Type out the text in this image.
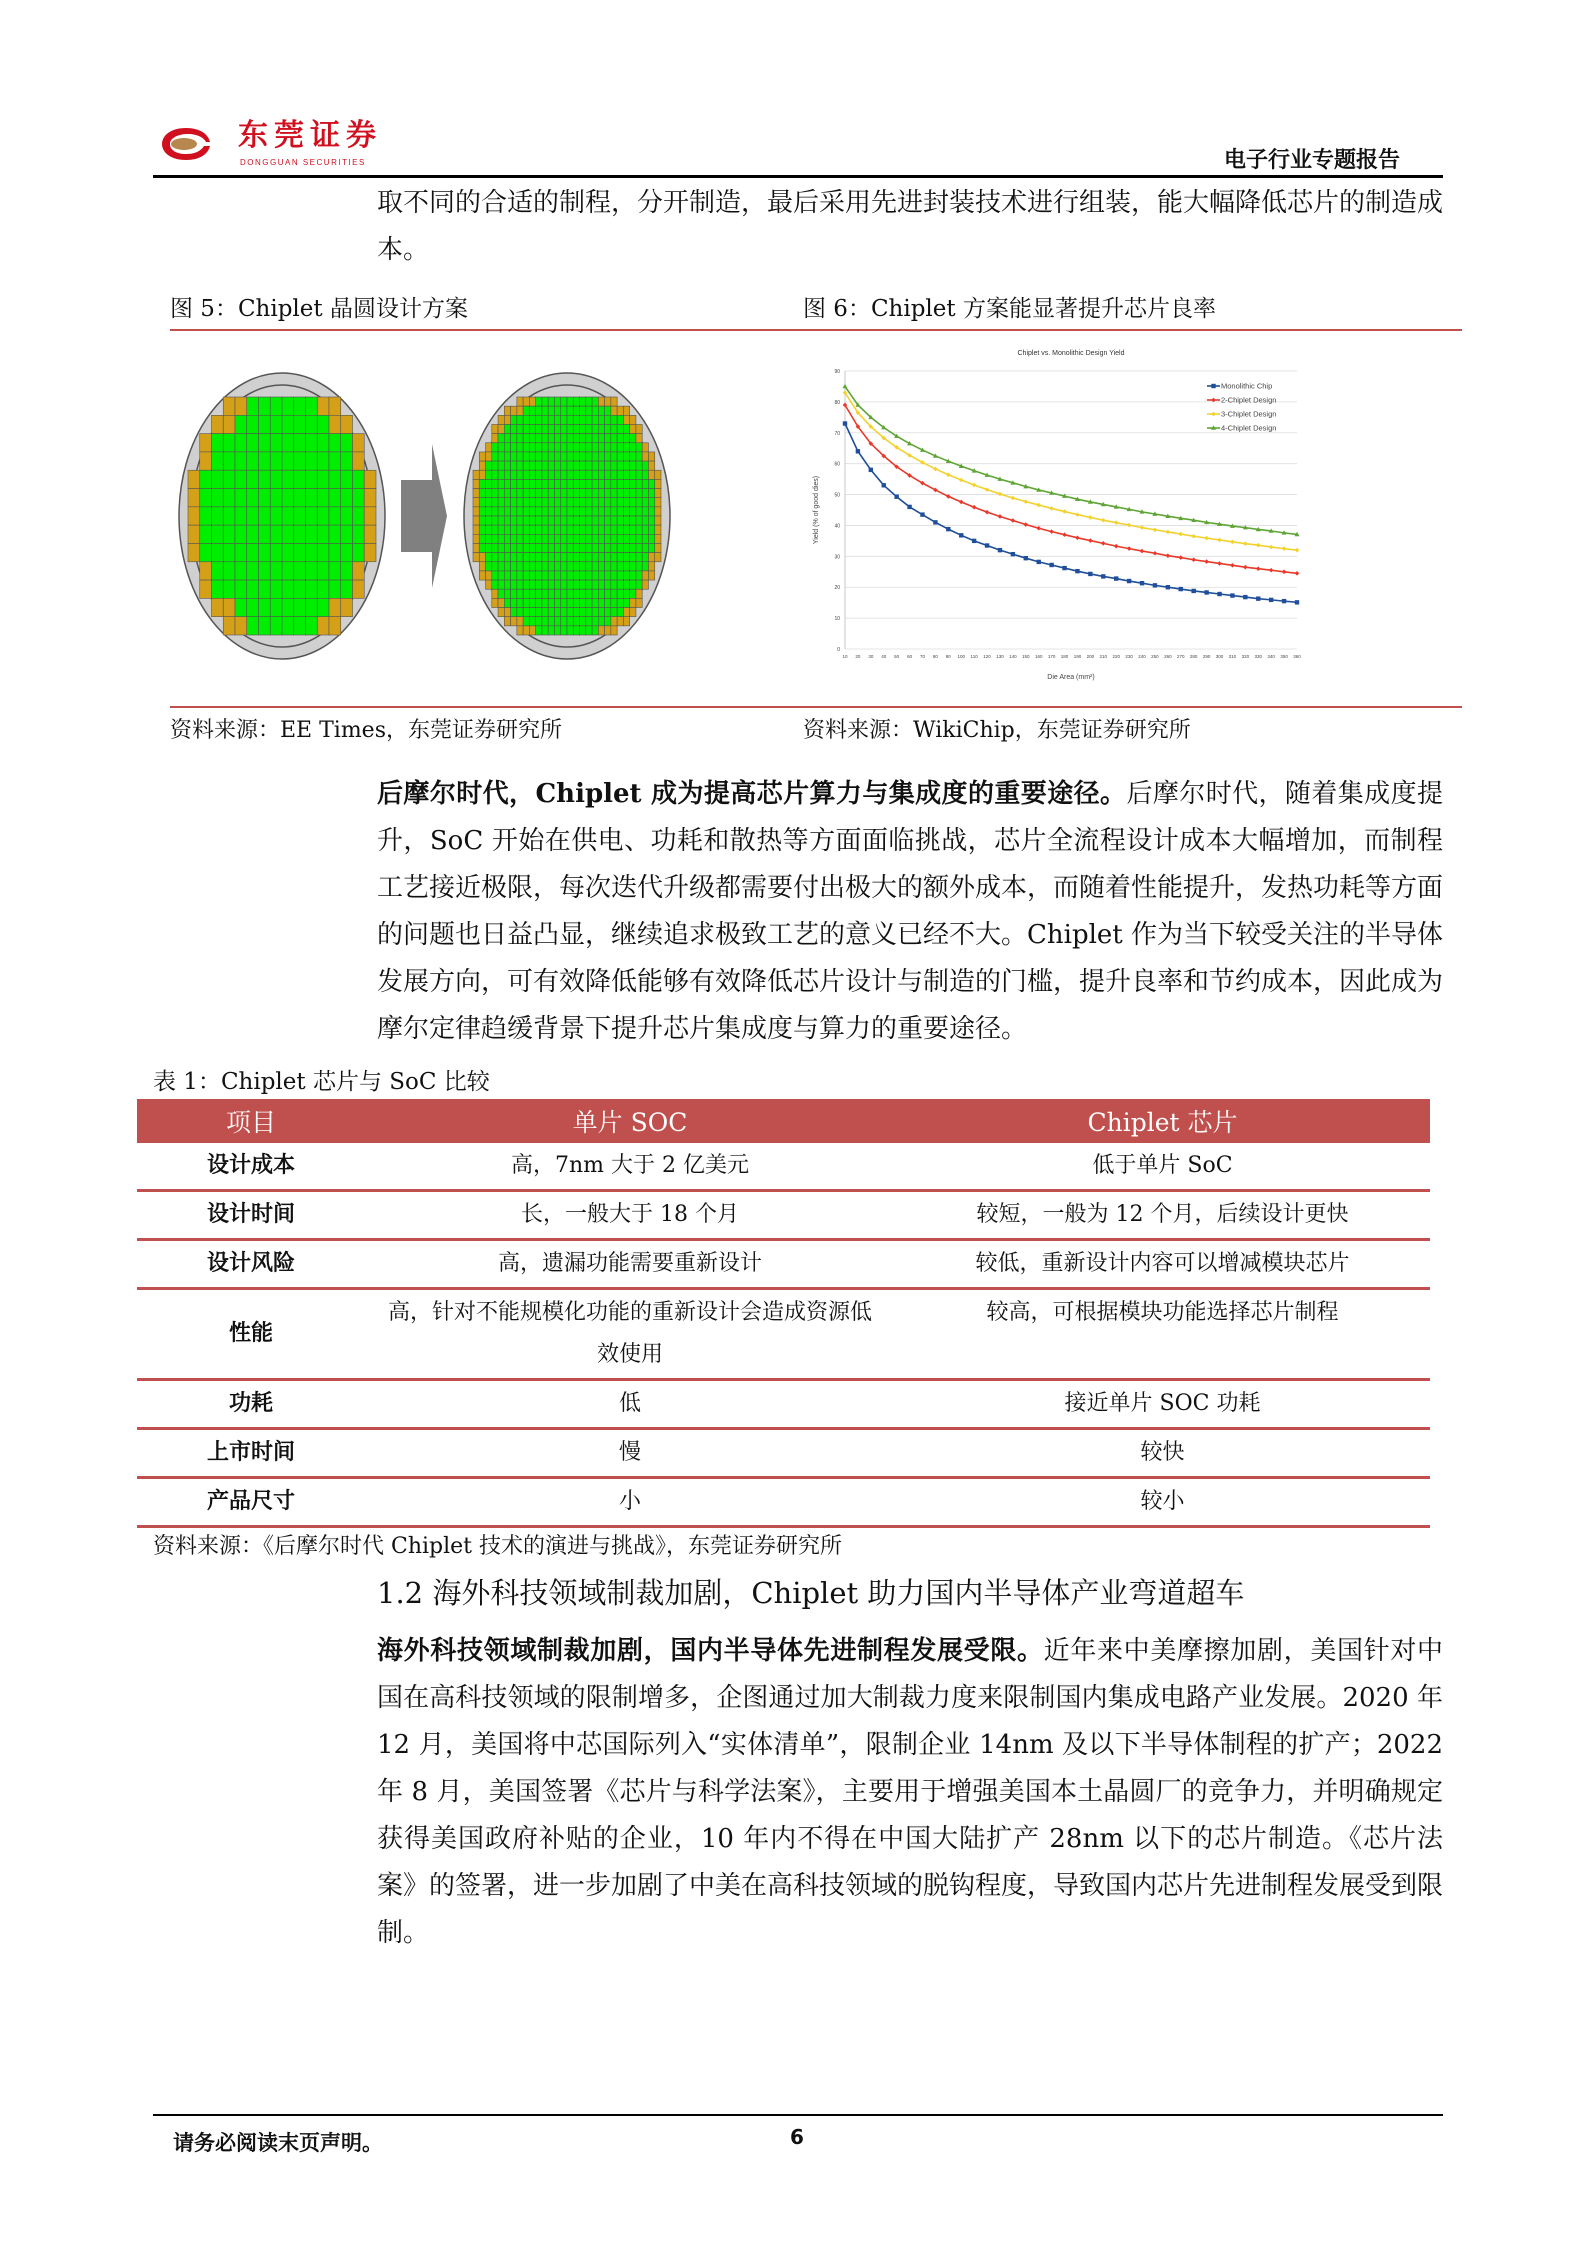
东莞证券
DONGGUAN SECURITIES	电子行业专题报告
取不同的合适的制程，分开制造，最后采用先进封装技术进行组装，能大幅降低芯片的制造成本。
图 5：Chiplet 晶圆设计方案	图 6：Chiplet 方案能显著提升芯片良率
Chiplet vs. Monolithic Design Yield
0
10
20
30
40
50
60
70
80
90
10 20 30 40 50 60 70 80 90 100 110 120 130 140 150 160 170 180 190 200 210 220 230 240 250 260 270 280 290 300 310 320 330 340 350 360
Die Area (mm²)
Yield (% of good dies)
Monolithic Chip
2-Chiplet Design
3-Chiplet Design
4-Chiplet Design
资料来源：EE Times，东莞证券研究所	资料来源：WikiChip，东莞证券研究所
后摩尔时代，Chiplet 成为提高芯片算力与集成度的重要途径。后摩尔时代，随着集成度提升，SoC 开始在供电、功耗和散热等方面面临挑战，芯片全流程设计成本大幅增加，而制程工艺接近极限，每次迭代升级都需要付出极大的额外成本，而随着性能提升，发热功耗等方面的问题也日益凸显，继续追求极致工艺的意义已经不大。Chiplet 作为当下较受关注的半导体发展方向，可有效降低能够有效降低芯片设计与制造的门槛，提升良率和节约成本，因此成为摩尔定律趋缓背景下提升芯片集成度与算力的重要途径。
表 1：Chiplet 芯片与 SoC 比较
项目	单片 SOC	Chiplet 芯片
设计成本	高，7nm 大于 2 亿美元	低于单片 SoC
设计时间	长，一般大于 18 个月	较短，一般为 12 个月，后续设计更快
设计风险	高，遗漏功能需要重新设计	较低，重新设计内容可以增减模块芯片
性能	高，针对不能规模化功能的重新设计会造成资源低效使用	较高，可根据模块功能选择芯片制程
功耗	低	接近单片 SOC 功耗
上市时间	慢	较快
产品尺寸	小	较小
资料来源：《后摩尔时代 Chiplet 技术的演进与挑战》，东莞证券研究所
1.2 海外科技领域制裁加剧，Chiplet 助力国内半导体产业弯道超车
海外科技领域制裁加剧，国内半导体先进制程发展受限。近年来中美摩擦加剧，美国针对中国在高科技领域的限制增多，企图通过加大制裁力度来限制国内集成电路产业发展。2020 年 12 月，美国将中芯国际列入“实体清单”，限制企业 14nm 及以下半导体制程的扩产；2022 年 8 月，美国签署《芯片与科学法案》，主要用于增强美国本土晶圆厂的竞争力，并明确规定获得美国政府补贴的企业，10 年内不得在中国大陆扩产 28nm 以下的芯片制造。《芯片法案》的签署，进一步加剧了中美在高科技领域的脱钩程度，导致国内芯片先进制程发展受到限制。
请务必阅读末页声明。	6
